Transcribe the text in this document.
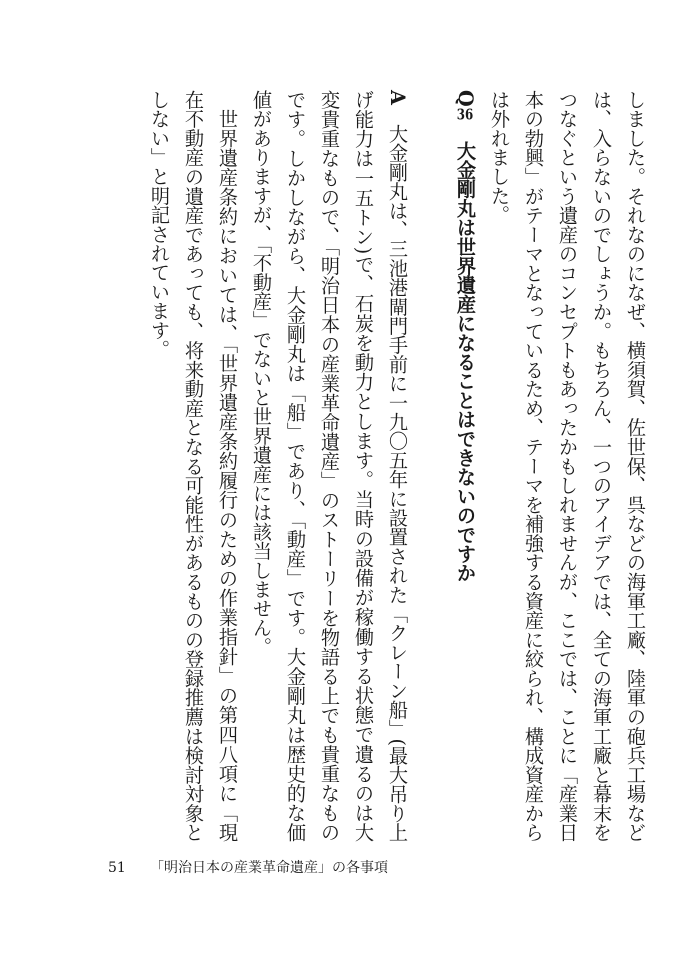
しました。それなのになぜ、横須賀、佐世保、呉などの海軍工廠、陸軍の砲兵工場などは、入らないのでしょうか。もちろん、一つのアイデアでは、全ての海軍工廠と幕末をつなぐという遺産のコンセプトもあったかもしれませんが、ここでは、ことに「産業日本の勃興」がテーマとなっているため、テーマを補強する資産に絞られ、構成資産からは外れました。

Q36　大金剛丸は世界遺産になることはできないのですか

A　大金剛丸は、三池港閘門手前に一九〇五年に設置された「クレーン船」(最大吊り上げ能力は一五トン)で、石炭を動力とします。当時の設備が稼働する状態で遺るのは大変貴重なもので、「明治日本の産業革命遺産」のストーリーを物語る上でも貴重なものです。しかしながら、大金剛丸は「船」であり、「動産」です。大金剛丸は歴史的な価値がありますが、「不動産」でないと世界遺産には該当しません。

世界遺産条約においては、「世界遺産条約履行のための作業指針」の第四八項に「現在不動産の遺産であっても、将来動産となる可能性があるものの登録推薦は検討対象としない」と明記されています。

51 「明治日本の産業革命遺産」の各事項
